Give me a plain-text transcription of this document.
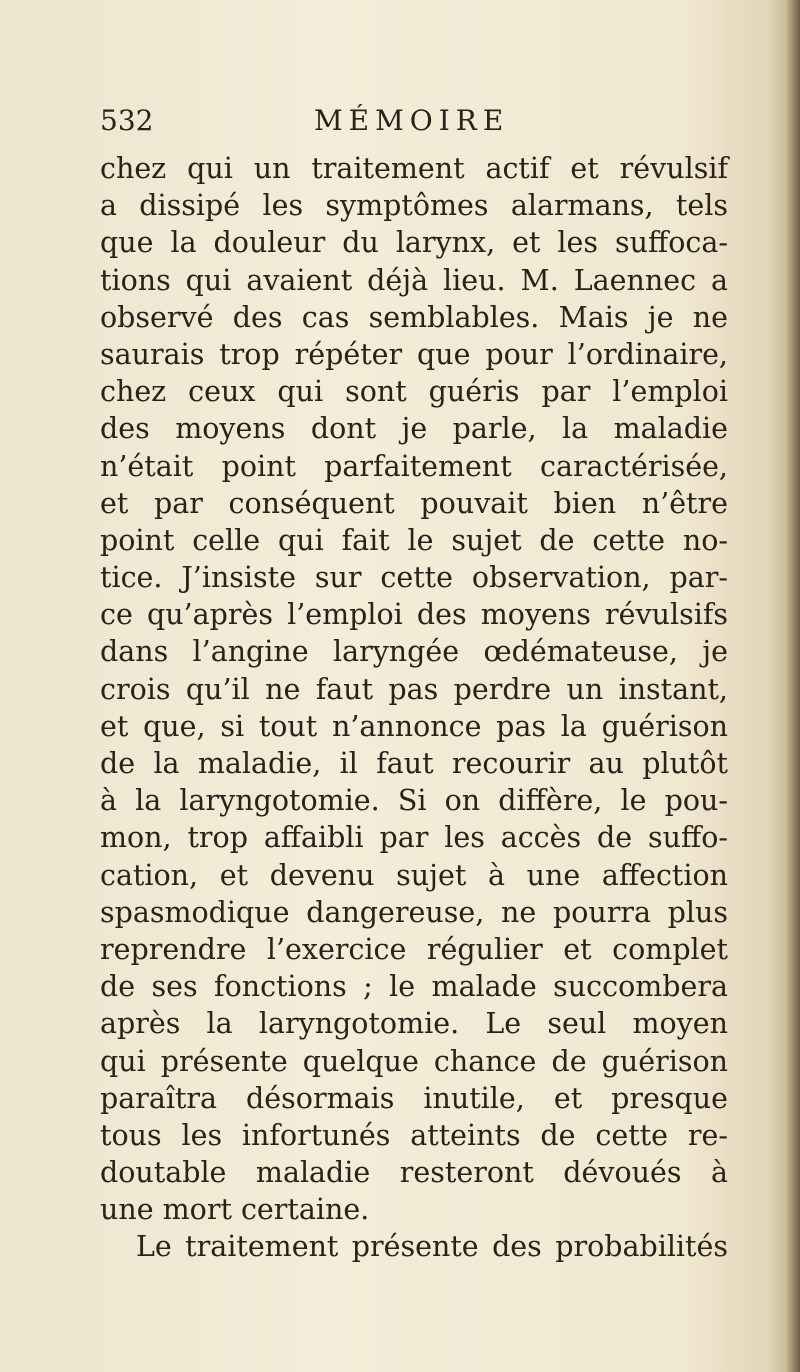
532	MÉMOIRE
chez qui un traitement actif et révulsif
a dissipé les symptômes alarmans, tels
que la douleur du larynx, et les suffoca-
tions qui avaient déjà lieu. M. Laennec a
observé des cas semblables. Mais je ne
saurais trop répéter que pour l’ordinaire,
chez ceux qui sont guéris par l’emploi
des moyens dont je parle, la maladie
n’était point parfaitement caractérisée,
et par conséquent pouvait bien n’être
point celle qui fait le sujet de cette no-
tice. J’insiste sur cette observation, par-
ce qu’après l’emploi des moyens révulsifs
dans l’angine laryngée œdémateuse, je
crois qu’il ne faut pas perdre un instant,
et que, si tout n’annonce pas la guérison
de la maladie, il faut recourir au plutôt
à la laryngotomie. Si on diffère, le pou-
mon, trop affaibli par les accès de suffo-
cation, et devenu sujet à une affection
spasmodique dangereuse, ne pourra plus
reprendre l’exercice régulier et complet
de ses fonctions ; le malade succombera
après la laryngotomie. Le seul moyen
qui présente quelque chance de guérison
paraîtra désormais inutile, et presque
tous les infortunés atteints de cette re-
doutable maladie resteront dévoués à
une mort certaine.
Le traitement présente des probabilités
